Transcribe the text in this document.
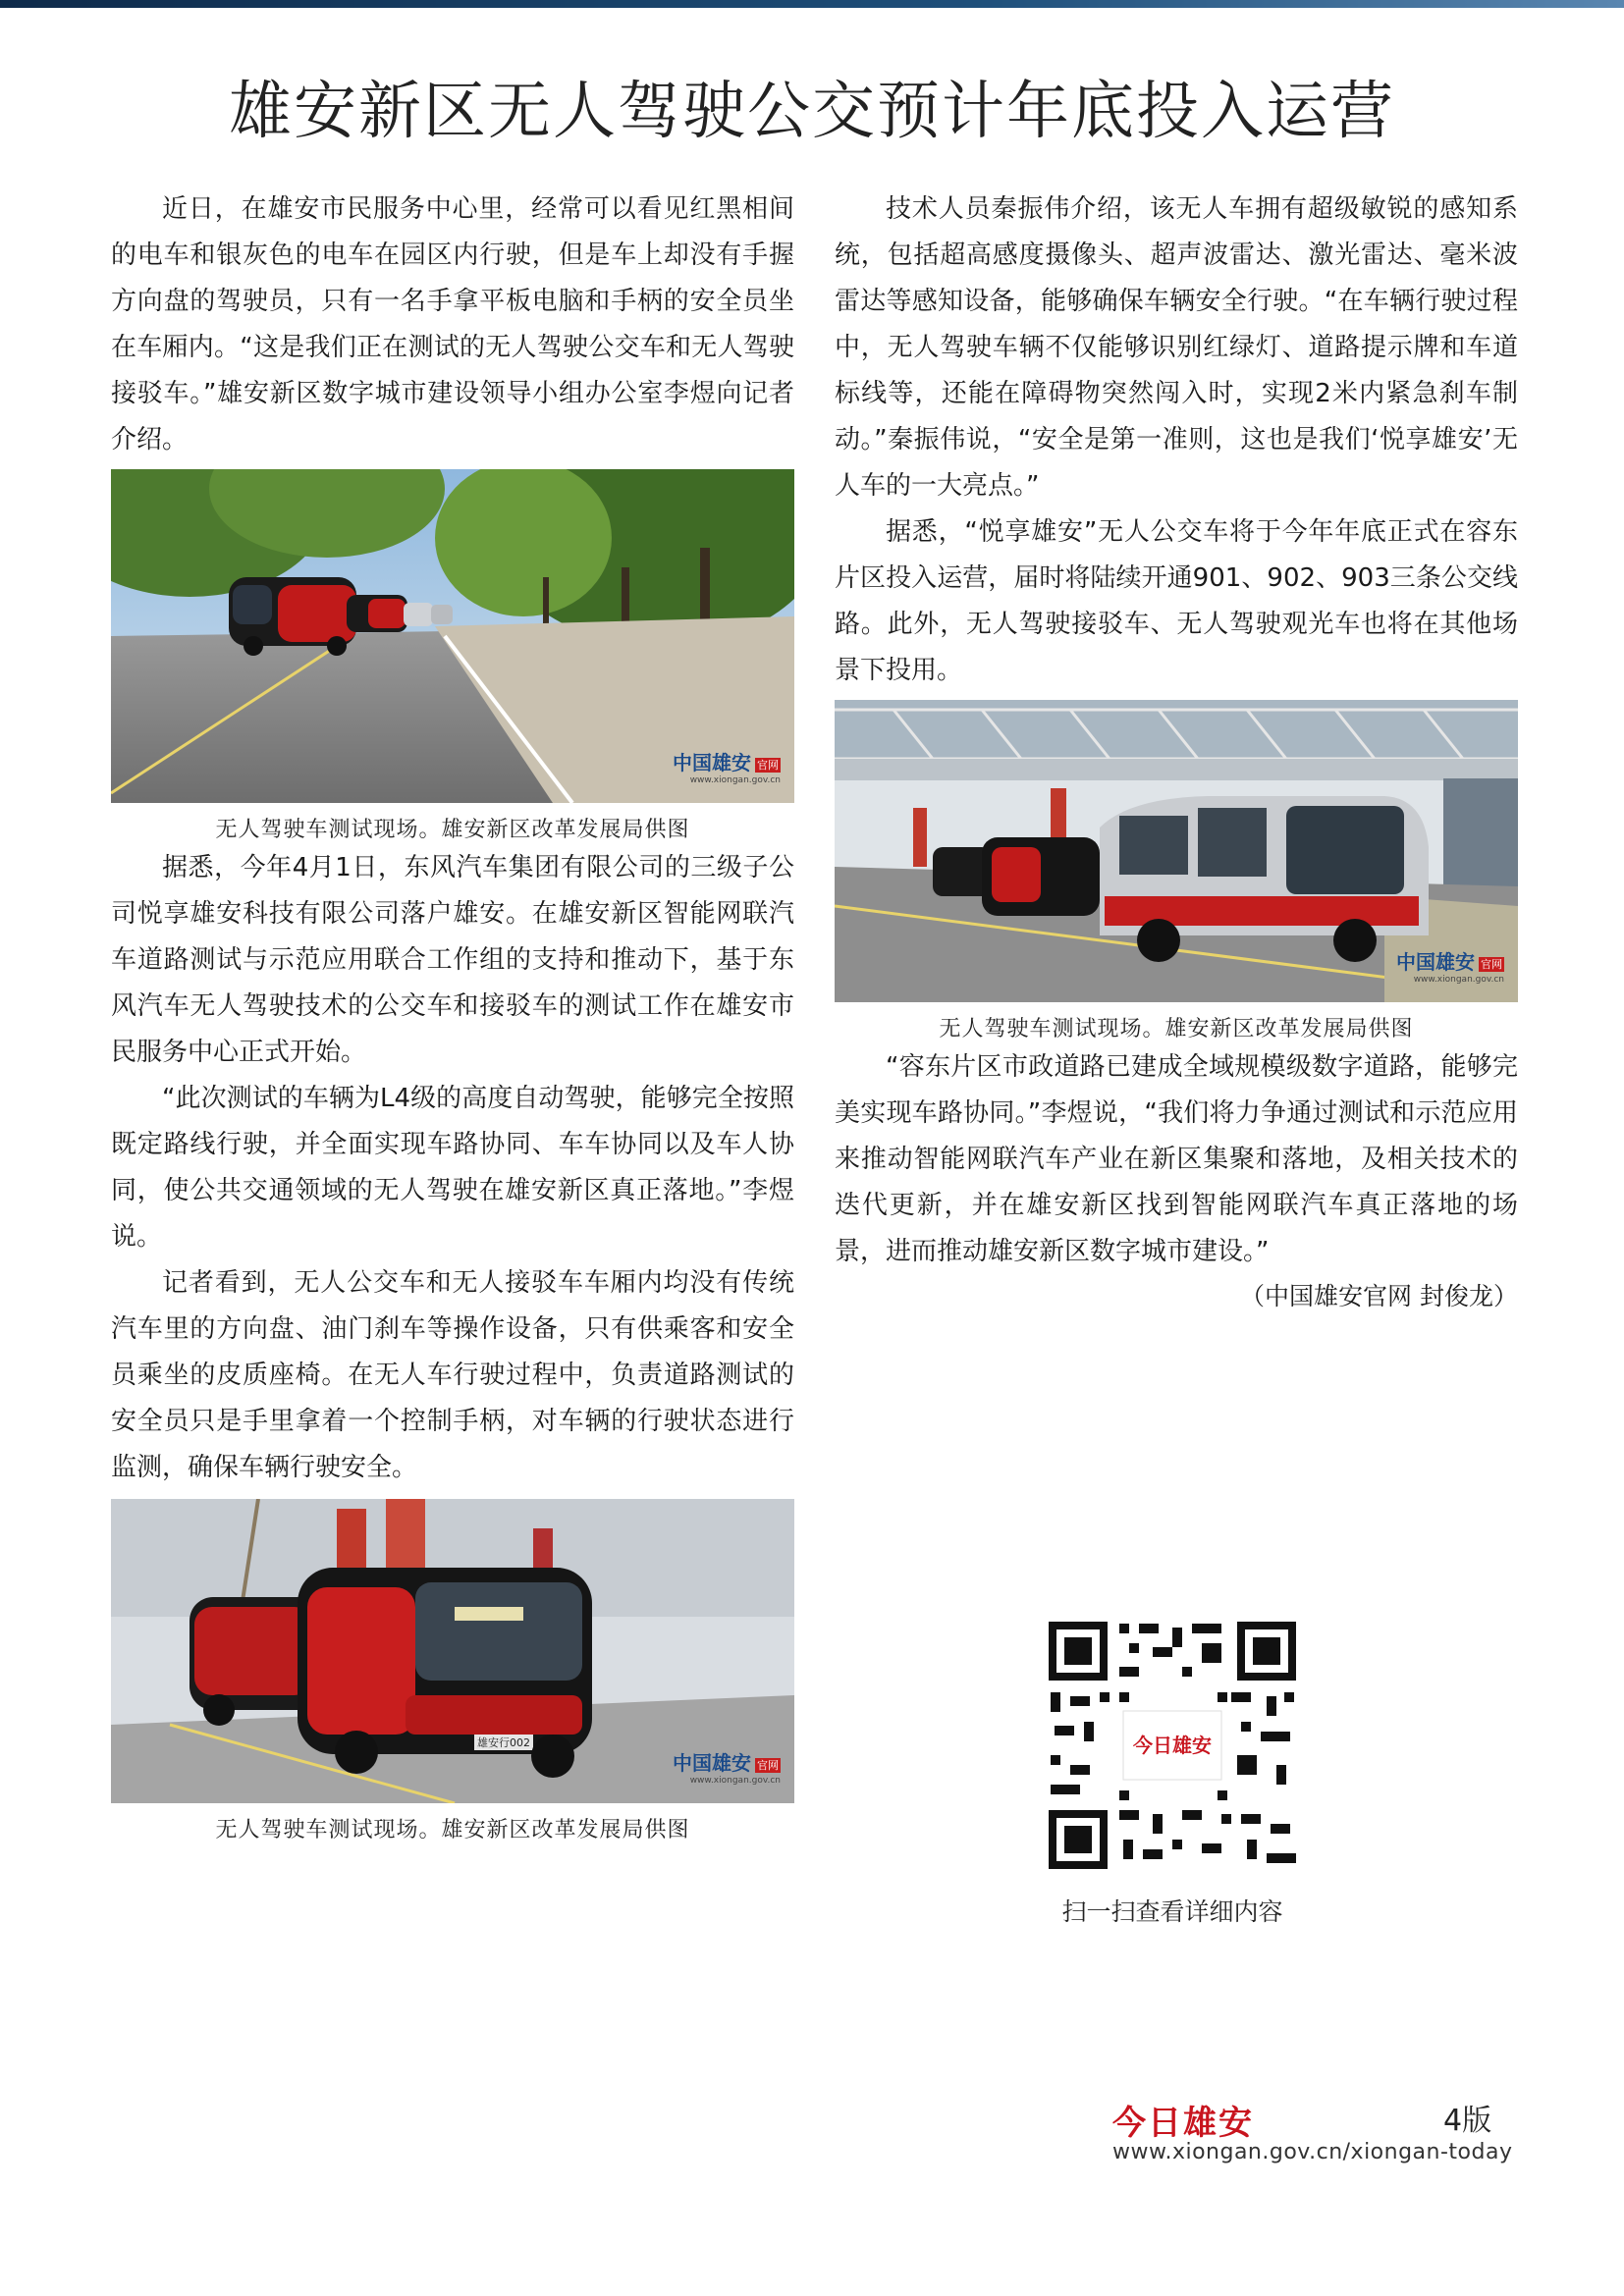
雄安新区无人驾驶公交预计年底投入运营

近日，在雄安市民服务中心里，经常可以看见红黑相间的电车和银灰色的电车在园区内行驶，但是车上却没有手握方向盘的驾驶员，只有一名手拿平板电脑和手柄的安全员坐在车厢内。“这是我们正在测试的无人驾驶公交车和无人驾驶接驳车。”雄安新区数字城市建设领导小组办公室李煜向记者介绍。

中国雄安 官网
www.xiongan.gov.cn

无人驾驶车测试现场。雄安新区改革发展局供图

据悉，今年4月1日，东风汽车集团有限公司的三级子公司悦享雄安科技有限公司落户雄安。在雄安新区智能网联汽车道路测试与示范应用联合工作组的支持和推动下，基于东风汽车无人驾驶技术的公交车和接驳车的测试工作在雄安市民服务中心正式开始。

“此次测试的车辆为L4级的高度自动驾驶，能够完全按照既定路线行驶，并全面实现车路协同、车车协同以及车人协同，使公共交通领域的无人驾驶在雄安新区真正落地。”李煜说。

记者看到，无人公交车和无人接驳车车厢内均没有传统汽车里的方向盘、油门刹车等操作设备，只有供乘客和安全员乘坐的皮质座椅。在无人车行驶过程中，负责道路测试的安全员只是手里拿着一个控制手柄，对车辆的行驶状态进行监测，确保车辆行驶安全。

雄安行002
中国雄安 官网
www.xiongan.gov.cn

无人驾驶车测试现场。雄安新区改革发展局供图

技术人员秦振伟介绍，该无人车拥有超级敏锐的感知系统，包括超高感度摄像头、超声波雷达、激光雷达、毫米波雷达等感知设备，能够确保车辆安全行驶。“在车辆行驶过程中，无人驾驶车辆不仅能够识别红绿灯、道路提示牌和车道标线等，还能在障碍物突然闯入时，实现2米内紧急刹车制动。”秦振伟说，“安全是第一准则，这也是我们‘悦享雄安’无人车的一大亮点。”

据悉，“悦享雄安”无人公交车将于今年年底正式在容东片区投入运营，届时将陆续开通901、902、903三条公交线路。此外，无人驾驶接驳车、无人驾驶观光车也将在其他场景下投用。

中国雄安 官网
www.xiongan.gov.cn

无人驾驶车测试现场。雄安新区改革发展局供图

“容东片区市政道路已建成全域规模级数字道路，能够完美实现车路协同。”李煜说，“我们将力争通过测试和示范应用来推动智能网联汽车产业在新区集聚和落地，及相关技术的迭代更新，并在雄安新区找到智能网联汽车真正落地的场景，进而推动雄安新区数字城市建设。”

（中国雄安官网 封俊龙）

今日雄安
扫一扫查看详细内容
今日雄安	4版
www.xiongan.gov.cn/xiongan-today
